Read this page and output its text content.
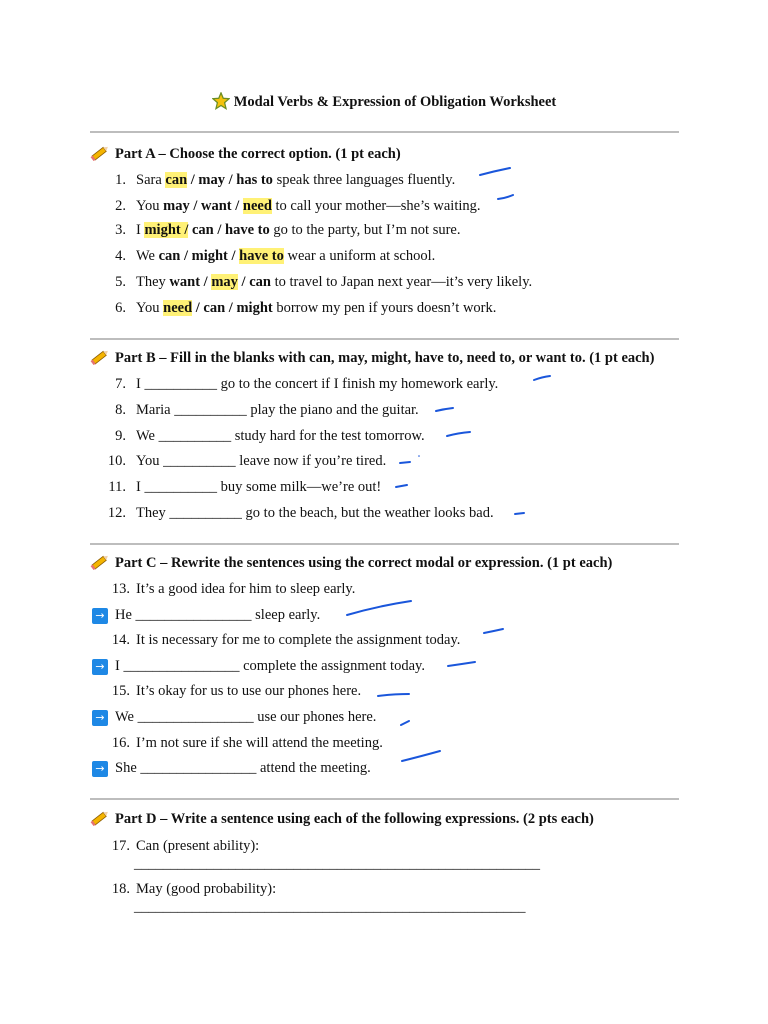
Modal Verbs & Expression of Obligation Worksheet
Part A – Choose the correct option. (1 pt each)
1. Sara can / may / has to speak three languages fluently.
2. You may / want / need to call your mother—she’s waiting.
3. I might / can / have to go to the party, but I’m not sure.
4. We can / might / have to wear a uniform at school.
5. They want / may / can to travel to Japan next year—it’s very likely.
6. You need / can / might borrow my pen if yours doesn’t work.
Part B – Fill in the blanks with can, may, might, have to, need to, or want to. (1 pt each)
7. I __________ go to the concert if I finish my homework early.
8. Maria __________ play the piano and the guitar.
9. We __________ study hard for the test tomorrow.
10. You __________ leave now if you’re tired.
11. I __________ buy some milk—we’re out!
12. They __________ go to the beach, but the weather looks bad.
Part C – Rewrite the sentences using the correct modal or expression. (1 pt each)
13. It’s a good idea for him to sleep early.
→ He ________________ sleep early.
14. It is necessary for me to complete the assignment today.
→ I ________________ complete the assignment today.
15. It’s okay for us to use our phones here.
→ We ________________ use our phones here.
16. I’m not sure if she will attend the meeting.
→ She ________________ attend the meeting.
Part D – Write a sentence using each of the following expressions. (2 pts each)
17. Can (present ability):
________________________________________________________
18. May (good probability):
______________________________________________________
